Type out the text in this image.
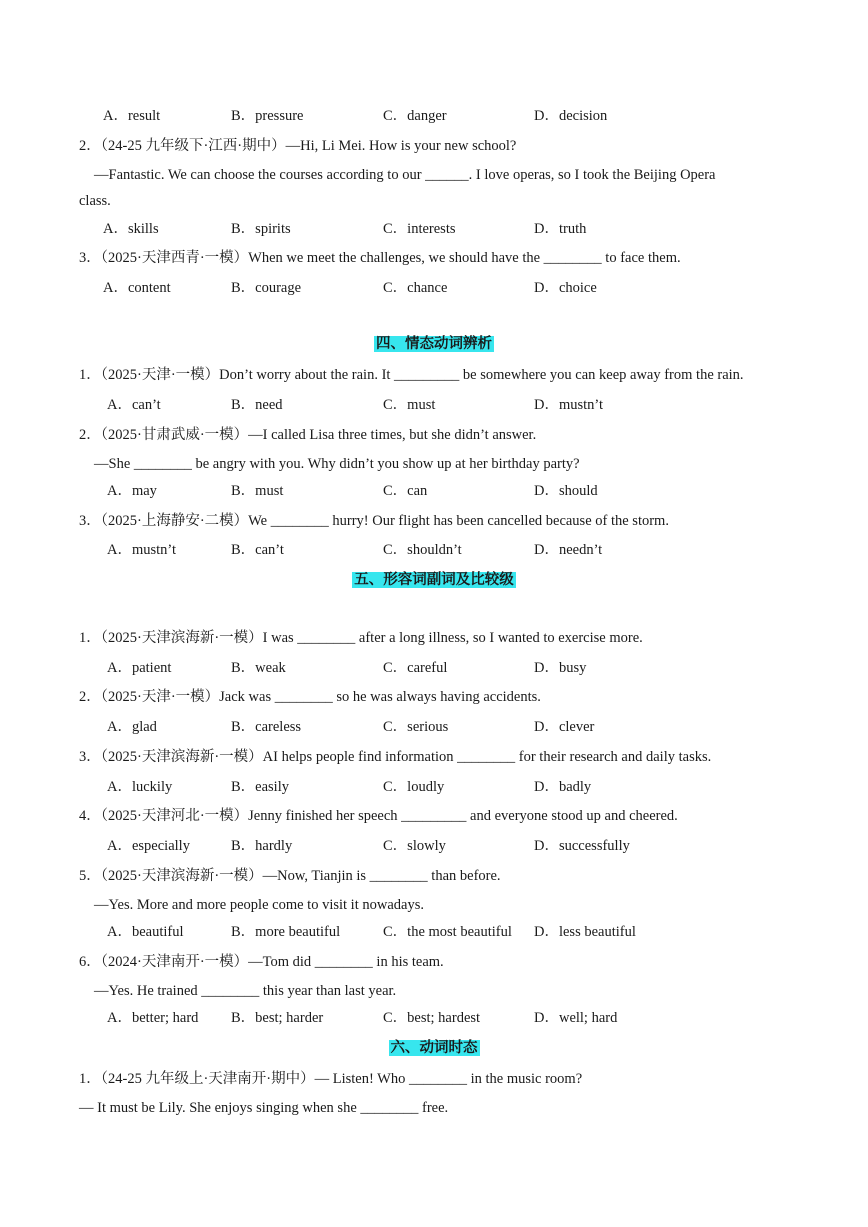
A．result	B．pressure	C．danger	D．decision
2．（24-25 九年级下·江西·期中）—Hi, Li Mei. How is your new school?
—Fantastic. We can choose the courses according to our ______. I love operas, so I took the Beijing Opera
class.
A．skills	B．spirits	C．interests	D．truth
3．（2025·天津西青·一模）When we meet the challenges, we should have the ________ to face them.
A．content	B．courage	C．chance	D．choice
四、情态动词辨析
1．（2025·天津·一模）Don’t worry about the rain. It _________ be somewhere you can keep away from the rain.
A．can’t	B．need	C．must	D．mustn’t
2．（2025·甘肃武威·一模）—I called Lisa three times, but she didn’t answer.
—She ________ be angry with you. Why didn’t you show up at her birthday party?
A．may	B．must	C．can	D．should
3．（2025·上海静安·二模）We ________ hurry! Our flight has been cancelled because of the storm.
A．mustn’t	B．can’t	C．shouldn’t	D．needn’t
五、形容词副词及比较级
1．（2025·天津滨海新·一模）I was ________ after a long illness, so I wanted to exercise more.
A．patient	B．weak	C．careful	D．busy
2．（2025·天津·一模）Jack was ________ so he was always having accidents.
A．glad	B．careless	C．serious	D．clever
3．（2025·天津滨海新·一模）AI helps people find information ________ for their research and daily tasks.
A．luckily	B．easily	C．loudly	D．badly
4．（2025·天津河北·一模）Jenny finished her speech _________ and everyone stood up and cheered.
A．especially	B．hardly	C．slowly	D．successfully
5．（2025·天津滨海新·一模）—Now, Tianjin is ________ than before.
—Yes. More and more people come to visit it nowadays.
A．beautiful	B．more beautiful	C．the most beautiful D．less beautiful
6．（2024·天津南开·一模）—Tom did ________ in his team.
—Yes. He trained ________ this year than last year.
A．better; hard B．best; harder	C．best; hardest	D．well; hard
六、动词时态
1．（24-25 九年级上·天津南开·期中）— Listen! Who ________ in the music room?
— It must be Lily. She enjoys singing when she ________ free.
